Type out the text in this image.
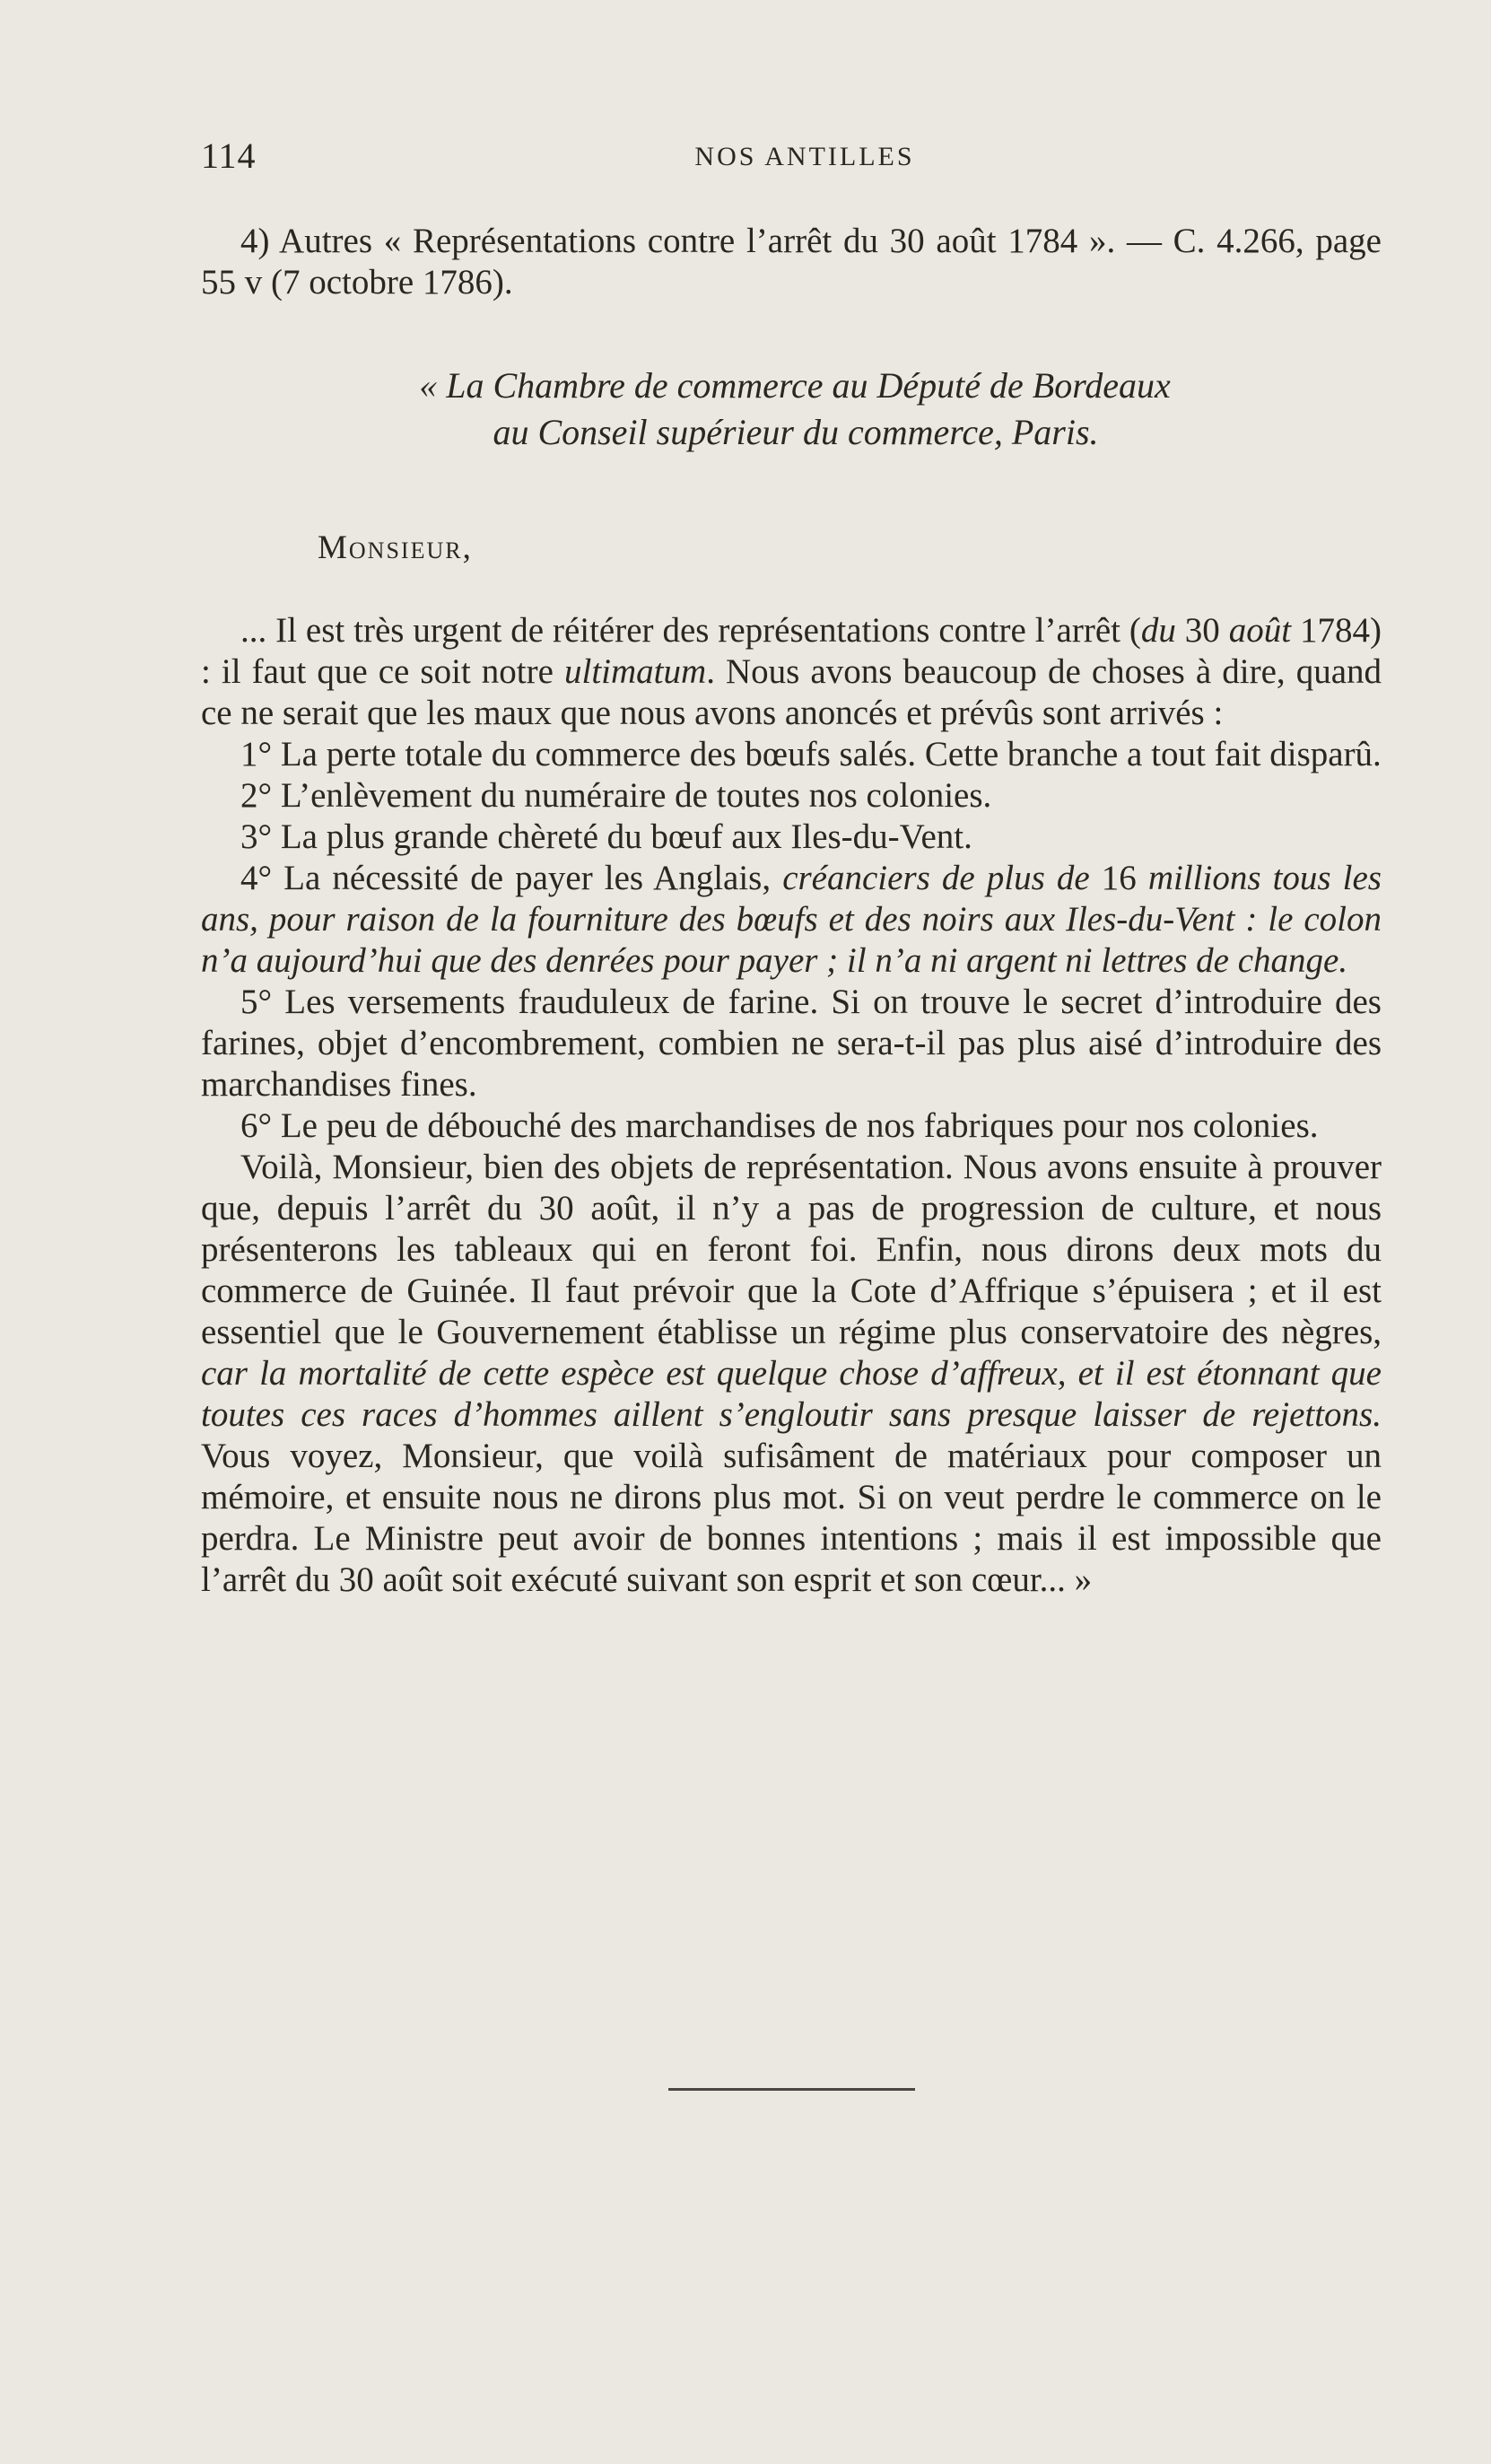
114	NOS ANTILLES

4) Autres « Représentations contre l’arrêt du 30 août 1784 ». — C. 4.266, page 55 v (7 octobre 1786).

« La Chambre de commerce au Député de Bordeaux
au Conseil supérieur du commerce, Paris.
Monsieur,

... Il est très urgent de réitérer des représentations contre l’arrêt (du 30 août 1784) : il faut que ce soit notre ultimatum. Nous avons beaucoup de choses à dire, quand ce ne serait que les maux que nous avons anoncés et prévûs sont arrivés :

1° La perte totale du commerce des bœufs salés. Cette branche a tout fait disparû.

2° L’enlèvement du numéraire de toutes nos colonies.

3° La plus grande chèreté du bœuf aux Iles-du-Vent.

4° La nécessité de payer les Anglais, créanciers de plus de 16 millions tous les ans, pour raison de la fourniture des bœufs et des noirs aux Iles-du-Vent : le colon n’a aujourd’hui que des denrées pour payer ; il n’a ni argent ni lettres de change.

5° Les versements frauduleux de farine. Si on trouve le secret d’introduire des farines, objet d’encombrement, combien ne sera-t-il pas plus aisé d’introduire des marchandises fines.

6° Le peu de débouché des marchandises de nos fabriques pour nos colonies.

Voilà, Monsieur, bien des objets de représentation. Nous avons ensuite à prouver que, depuis l’arrêt du 30 août, il n’y a pas de progression de culture, et nous présenterons les tableaux qui en feront foi. Enfin, nous dirons deux mots du commerce de Guinée. Il faut prévoir que la Cote d’Affrique s’épuisera ; et il est essentiel que le Gouvernement établisse un régime plus conservatoire des nègres, car la mortalité de cette espèce est quelque chose d’affreux, et il est étonnant que toutes ces races d’hommes aillent s’engloutir sans presque laisser de rejettons. Vous voyez, Monsieur, que voilà sufisâment de matériaux pour composer un mémoire, et ensuite nous ne dirons plus mot. Si on veut perdre le commerce on le perdra. Le Ministre peut avoir de bonnes intentions ; mais il est impossible que l’arrêt du 30 août soit exécuté suivant son esprit et son cœur... »
